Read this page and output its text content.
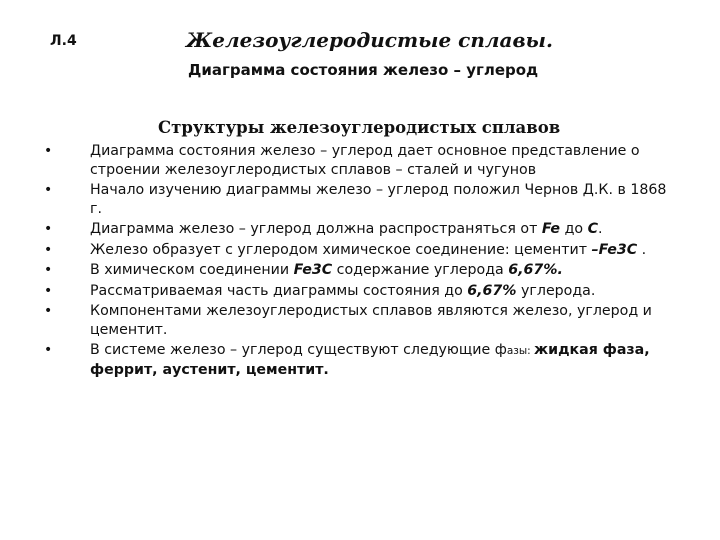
Л.4	Железоуглеродистые сплавы.
Диаграмма состояния железо – углерод
Структуры железоуглеродистых сплавов
•	Диаграмма состояния железо – углерод дает основное представление о строении железоуглеродистых сплавов – сталей и чугунов
•	Начало изучению диаграммы железо – углерод положил Чернов Д.К. в 1868 г.
•	Диаграмма железо – углерод должна распространяться от Fe до C.
•	Железо образует с углеродом химическое соединение: цементит –Fe3C .
•	В химическом соединении Fe3C содержание углерода 6,67%.
•	Рассматриваемая часть диаграммы состояния до 6,67% углерода.
•	Компонентами железоуглеродистых сплавов являются железо, углерод и цементит.
•	В системе железо – углерод существуют следующие фазы: жидкая фаза, феррит, аустенит, цементит.
